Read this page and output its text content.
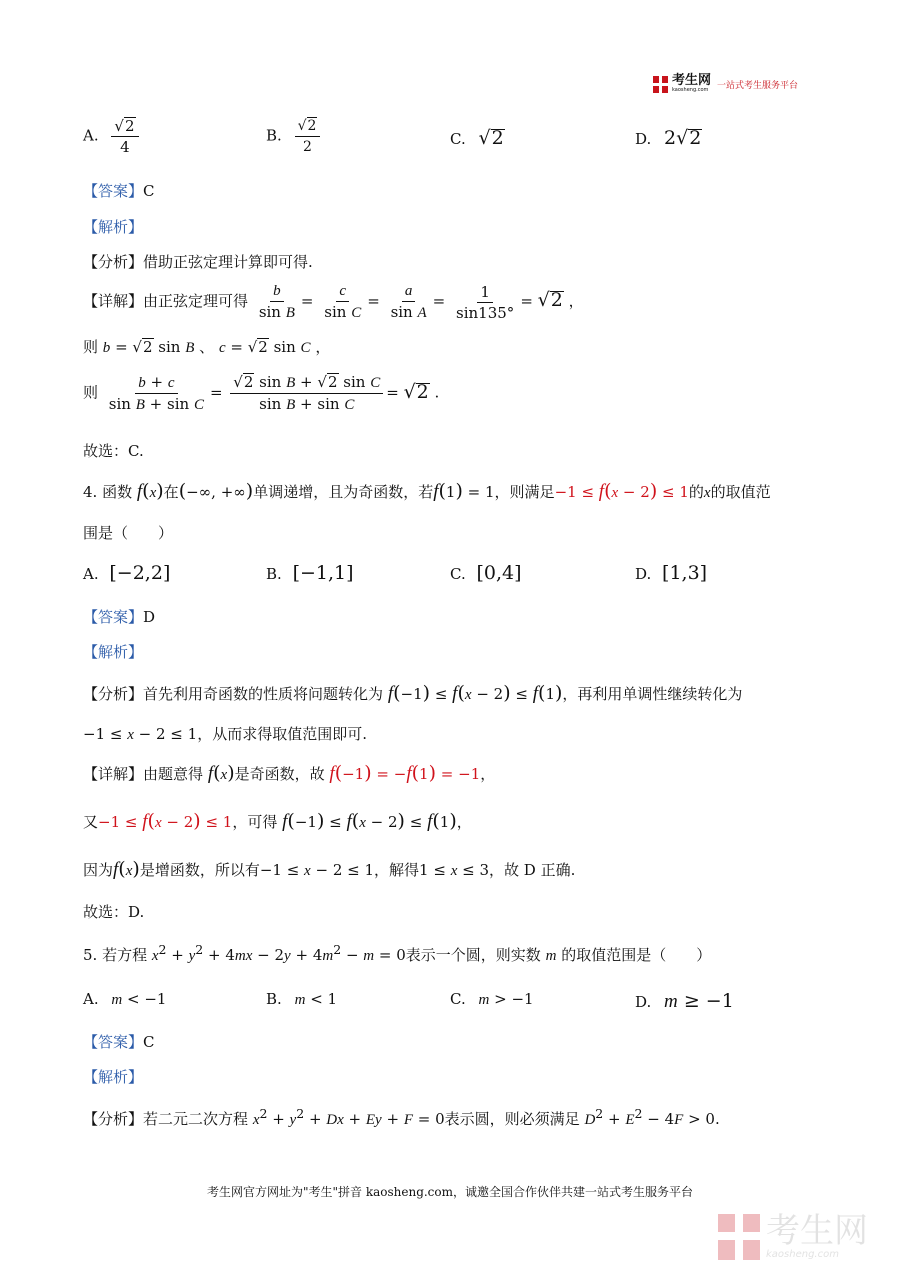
考生网
kaosheng.com 一站式考生服务平台
A. $\frac{√2}{4}$	B. $\frac{√2}{2}$	C. √2	D. 2√2
【答案】C
【解析】
【分析】借助正弦定理计算即可得.
【详解】由正弦定理可得 $\frac{b}{\text{sin B}} = \frac{c}{\text{sin C}} = \frac{a}{\text{sin A}} = \frac{1}{\sin 135^\circ} = √2$ ，
则 b = √2 sin B 、 c = √2 sin C ，
则 $\frac{b + c}{\text{sin B + sin C}} = \frac{\text{√2 sin B + √2 sin C}}{\text{sin B + sin C}} = √2$ .
故选：C.
4. 函数 f(x)在(−∞, +∞)单调递增，且为奇函数，若f(1) = 1，则满足−1 ≤ f(x − 2) ≤ 1的x的取值范
围是（　　）
A. [−2,2]	B. [−1,1]	C. [0,4]	D. [1,3]
【答案】D
【解析】
【分析】首先利用奇函数的性质将问题转化为 f(−1) ≤ f(x − 2) ≤ f(1)，再利用单调性继续转化为
−1 ≤ x − 2 ≤ 1，从而求得取值范围即可.
【详解】由题意得 f(x)是奇函数，故 f(−1) = −f(1) = −1，
又−1 ≤ f(x − 2) ≤ 1，可得 f(−1) ≤ f(x − 2) ≤ f(1)，
因为f(x)是增函数，所以有−1 ≤ x − 2 ≤ 1，解得1 ≤ x ≤ 3，故 D 正确.
故选：D.
5. 若方程 $x^2 + y^2 + 4mx - 2y + 4m^2 - m = 0$表示一个圆，则实数 m 的取值范围是（　　）
A. m < −1	B. m < 1	C. m > −1	D. m ≥ −1
【答案】C
【解析】
【分析】若二元二次方程 $x^2 + y^2 + Dx + Ey + F = 0$表示圆，则必须满足 $D^2 + E^2 - 4F > 0$.
考生网官方网址为"考生"拼音 kaosheng.com，诚邀全国合作伙伴共建一站式考生服务平台
考生网
kaosheng.com
